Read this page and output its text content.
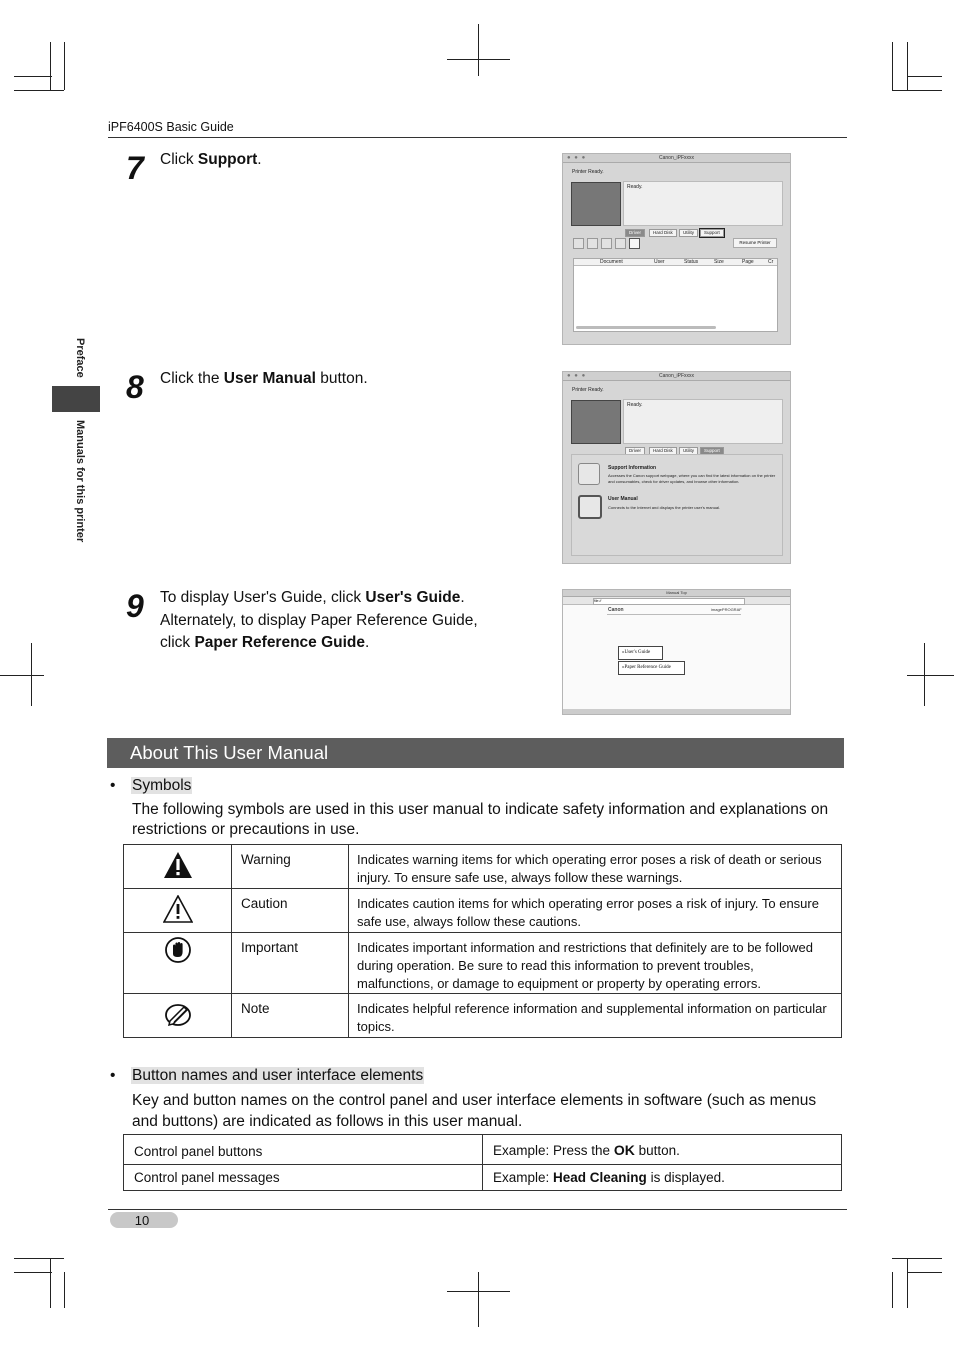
iPF6400S Basic Guide
Preface
Manuals for this printer
7 Click Support.	Canon_iPFxxxx
● ● ●
Printer Ready.
Ready.
Driver	Hard Disk	Utility	Support
Resume Printer
Document	User	Status	Size	Page	Cr
8 Click the User Manual button.	Canon_iPFxxxx
● ● ●
Printer Ready.
Ready.
Driver	Hard Disk	Utility	Support
Support Information
Accesses the Canon support webpage, where you can find the latest information on the printer and consumables, check for driver updates, and browse other information.
User Manual
Connects to the Internet and displays the printer user's manual.
9 To display User's Guide, click User's Guide.
Alternately, to display Paper Reference Guide,
click Paper Reference Guide.
Manual Top
file://
Canon	imagePROGRAF
»User's Guide
»Paper Reference Guide
About This User Manual
• Symbols
The following symbols are used in this user manual to indicate safety information and explanations on restrictions or precautions in use.
	Warning	Indicates warning items for which operating error poses a risk of death or serious injury. To ensure safe use, always follow these warnings.
	Caution	Indicates caution items for which operating error poses a risk of injury. To ensure safe use, always follow these cautions.
	Important	Indicates important information and restrictions that definitely are to be followed during operation. Be sure to read this information to prevent troubles, malfunctions, or damage to equipment or property by operating errors.
	Note	Indicates helpful reference information and supplemental information on particular topics.
• Button names and user interface elements
Key and button names on the control panel and user interface elements in software (such as menus and buttons) are indicated as follows in this user manual.
Control panel buttons	Example: Press the OK button.
Control panel messages	Example: Head Cleaning is displayed.
10
